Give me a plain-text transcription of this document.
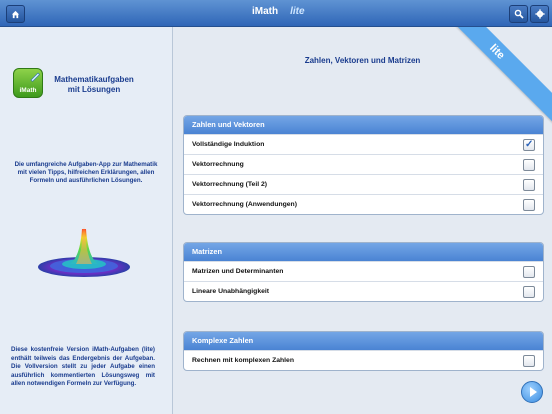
iMath lite
iMath
Mathematikaufgaben mit Lösungen
Die umfangreiche Aufgaben-App zur Mathematik mit vielen Tipps, hilfreichen Erklärungen, allen Formeln und ausführlichen Lösungen.
Diese kostenfreie Version iMath-Aufgaben (lite) enthält teilweis das Endergebnis der Aufgeban. Die Vollversion stellt zu jeder Aufgabe einen ausführlich kommentierten Lösungsweg mit allen notwendigen Formeln zur Verfügung.
lite
Zahlen, Vektoren und Matrizen
Zahlen und Vektoren
Vollständige Induktion
✓
Vektorrechnung
Vektorrechnung (Teil 2)
Vektorrechnung (Anwendungen)
Matrizen
Matrizen und Determinanten
Lineare Unabhängigkeit
Komplexe Zahlen
Rechnen mit komplexen Zahlen
